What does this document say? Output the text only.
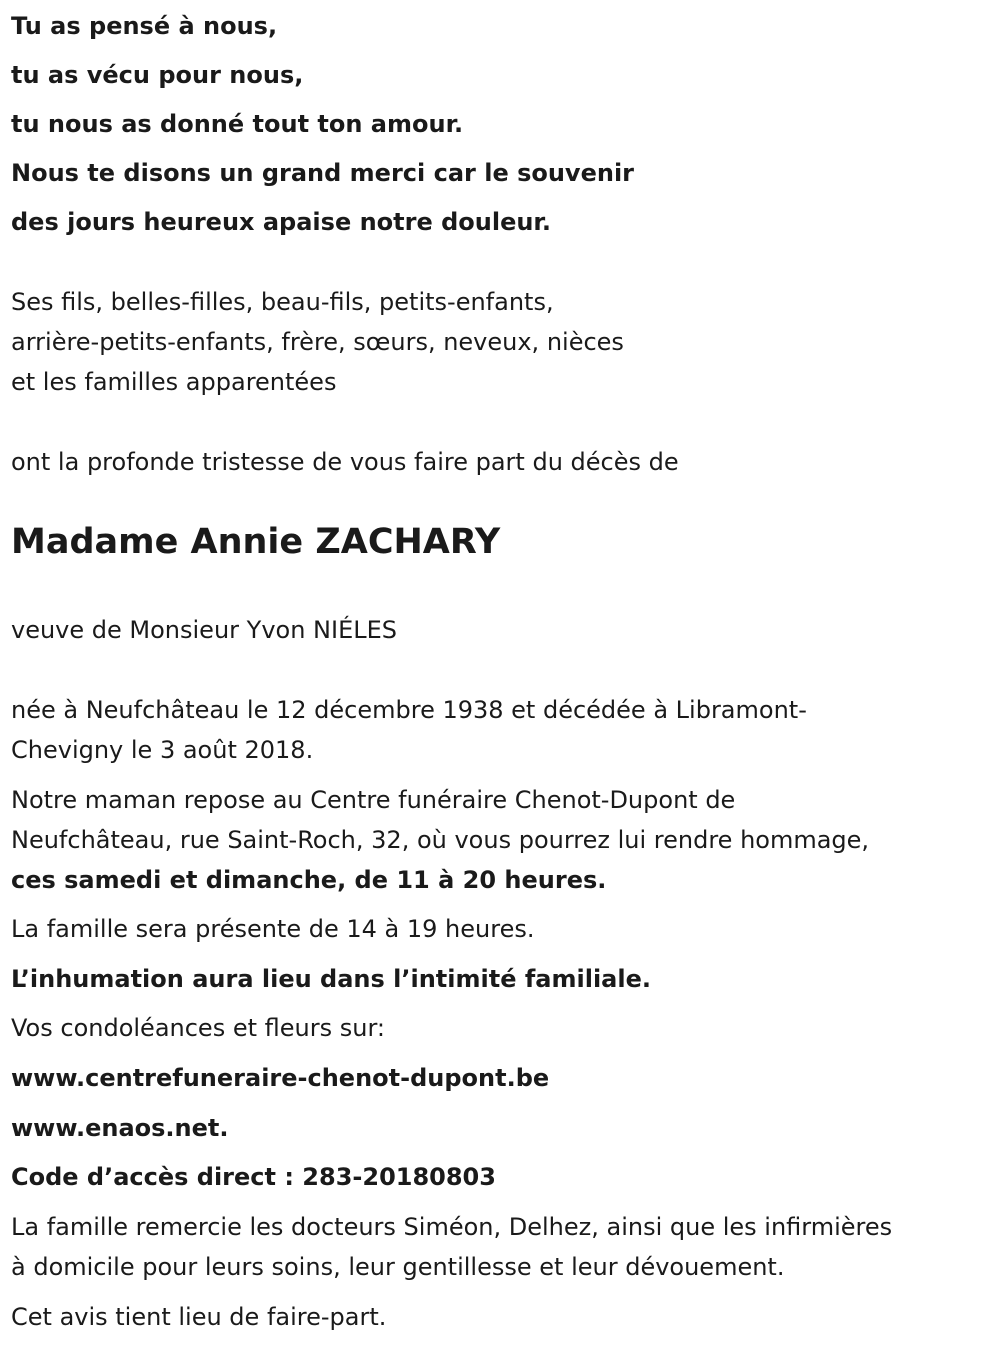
Tu as pensé à nous,
tu as vécu pour nous,
tu nous as donné tout ton amour.
Nous te disons un grand merci car le souvenir
des jours heureux apaise notre douleur.
Ses fils, belles-filles, beau-fils, petits-enfants,
arrière-petits-enfants, frère, sœurs, neveux, nièces
et les familles apparentées
ont la profonde tristesse de vous faire part du décès de
Madame Annie ZACHARY
veuve de Monsieur Yvon NIÉLES
née à Neufchâteau le 12 décembre 1938 et décédée à Libramont-
Chevigny le 3 août 2018.
Notre maman repose au Centre funéraire Chenot-Dupont de
Neufchâteau, rue Saint-Roch, 32, où vous pourrez lui rendre hommage,
ces samedi et dimanche, de 11 à 20 heures.
La famille sera présente de 14 à 19 heures.
L’inhumation aura lieu dans l’intimité familiale.
Vos condoléances et fleurs sur:
www.centrefuneraire-chenot-dupont.be
www.enaos.net.
Code d’accès direct : 283-20180803
La famille remercie les docteurs Siméon, Delhez, ainsi que les infirmières
à domicile pour leurs soins, leur gentillesse et leur dévouement.
Cet avis tient lieu de faire-part.
